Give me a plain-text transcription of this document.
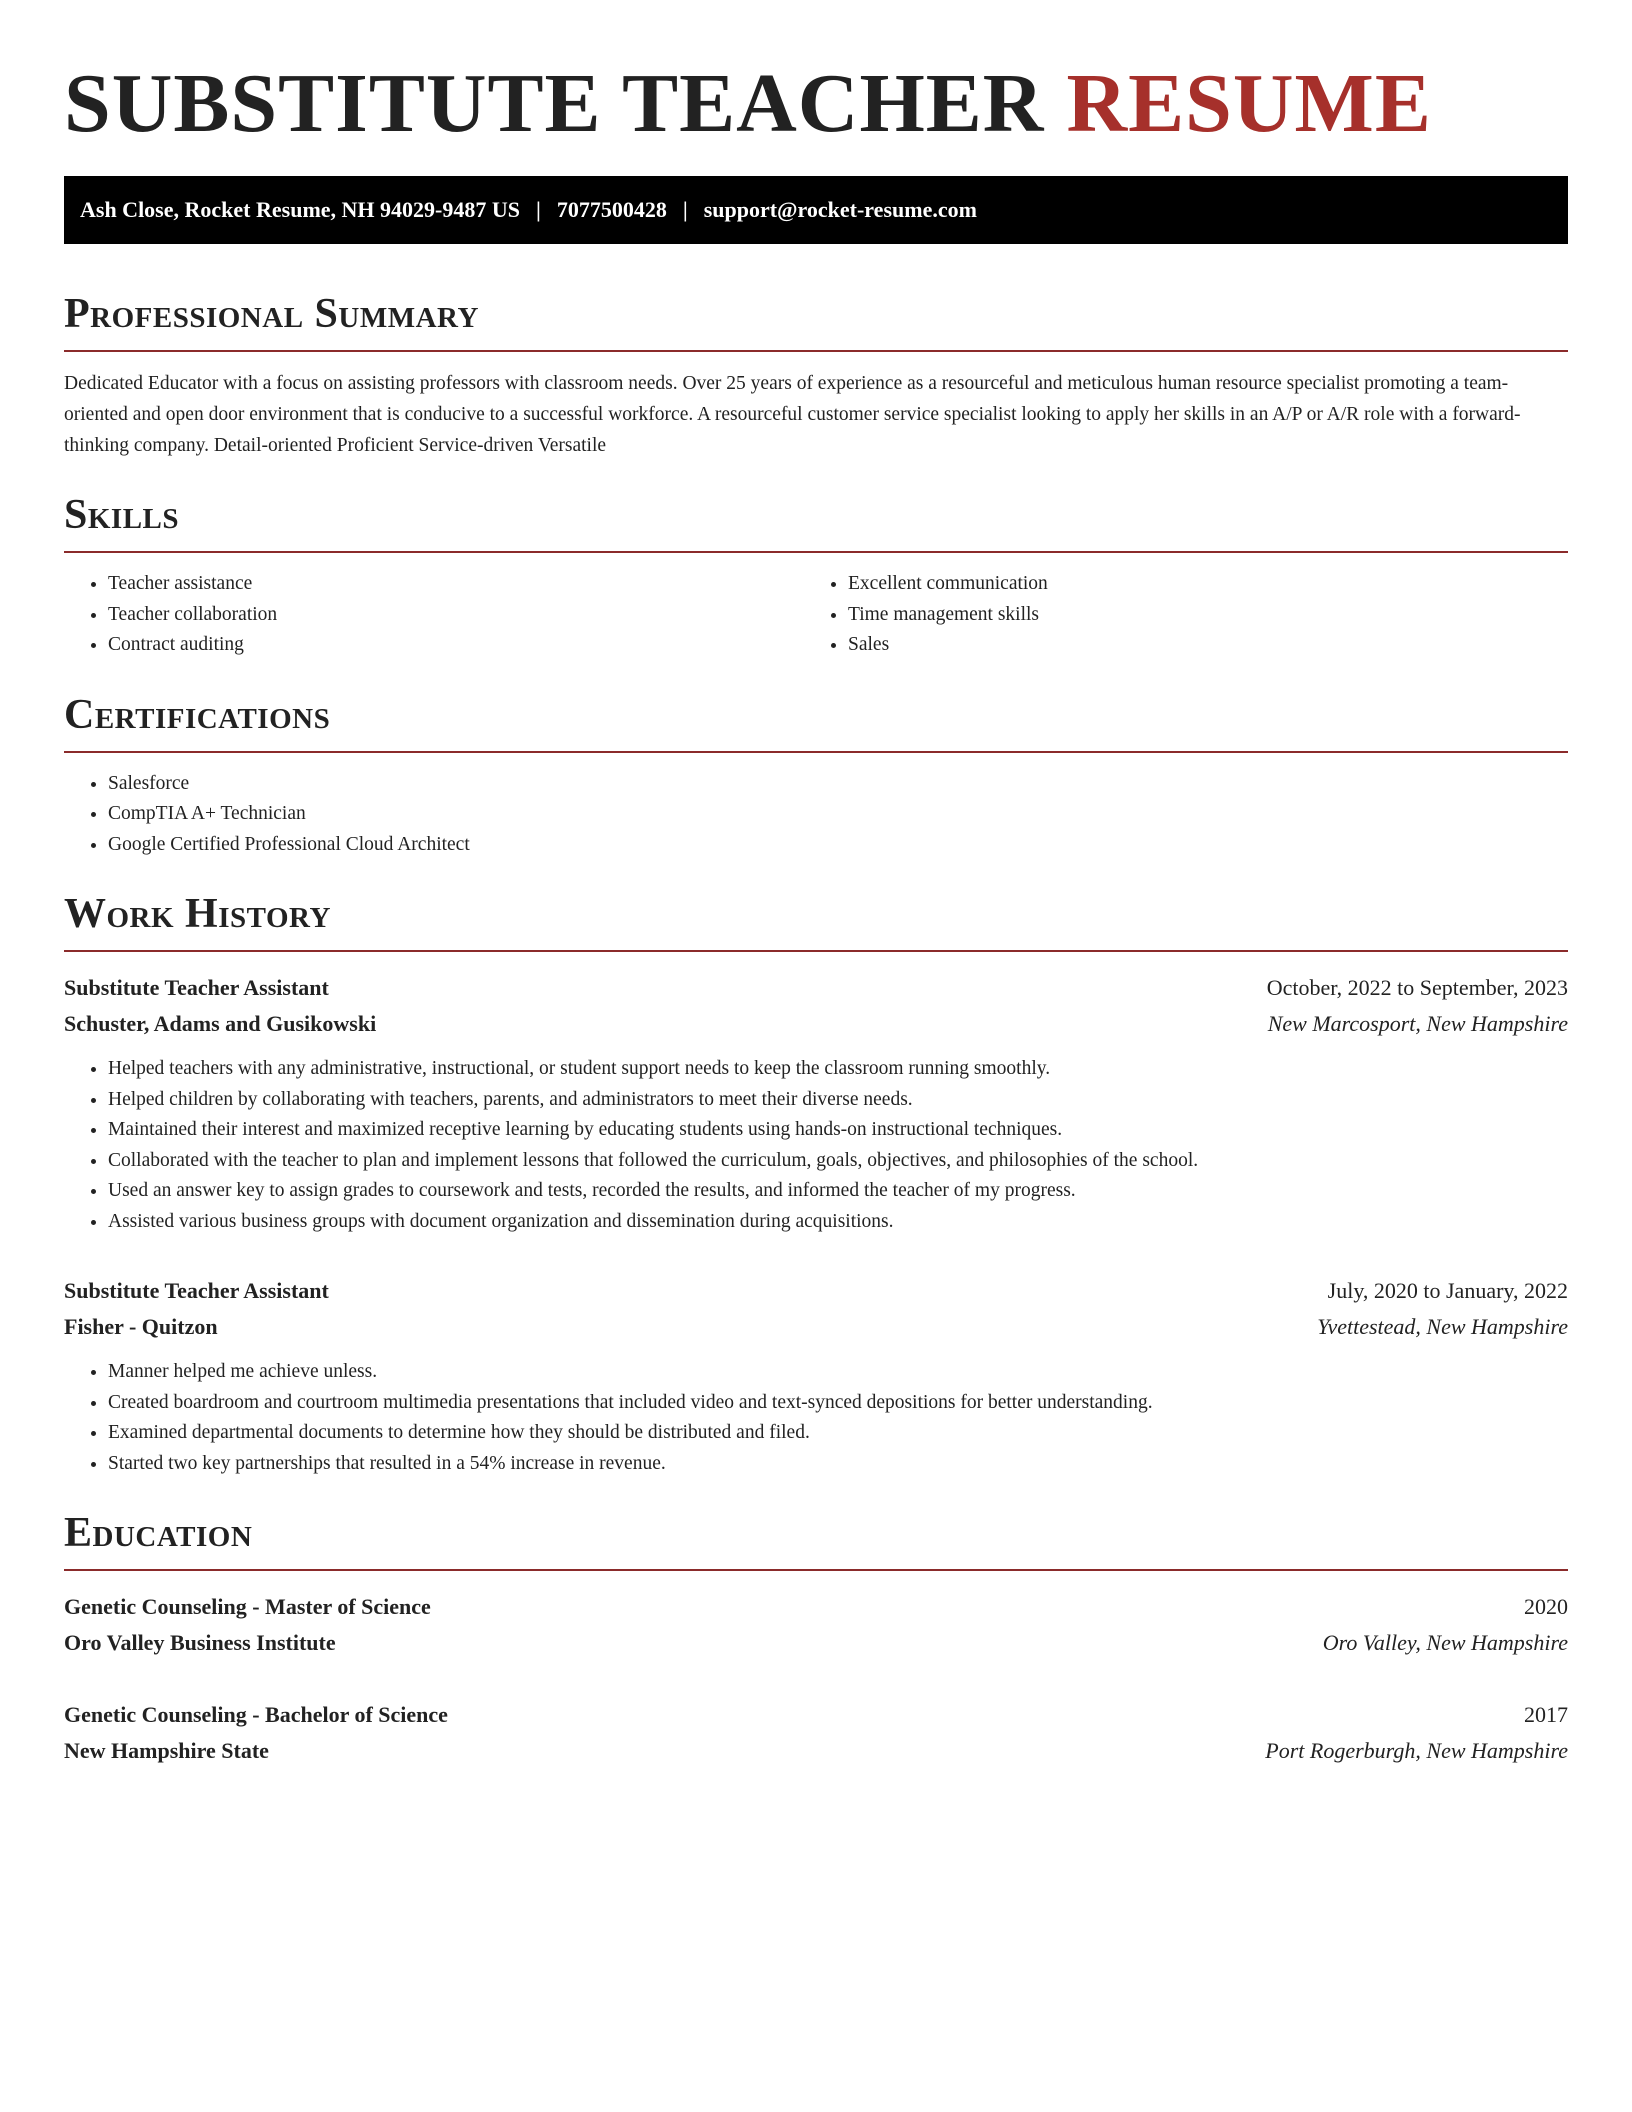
SUBSTITUTE TEACHER RESUME
Ash Close, Rocket Resume, NH 94029-9487 US | 7077500428 | support@rocket-resume.com
Professional Summary

Dedicated Educator with a focus on assisting professors with classroom needs. Over 25 years of experience as a resourceful and meticulous human resource specialist promoting a team-oriented and open door environment that is conducive to a successful workforce. A resourceful customer service specialist looking to apply her skills in an A/P or A/R role with a forward-thinking company. Detail-oriented Proficient Service-driven Versatile

Skills
• Teacher assistance
• Teacher collaboration
• Contract auditing
• Excellent communication
• Time management skills
• Sales
Certifications
• Salesforce
• CompTIA A+ Technician
• Google Certified Professional Cloud Architect
Work History
Substitute Teacher Assistant	October, 2022 to September, 2023
Schuster, Adams and Gusikowski	New Marcosport, New Hampshire
• Helped teachers with any administrative, instructional, or student support needs to keep the classroom running smoothly.
• Helped children by collaborating with teachers, parents, and administrators to meet their diverse needs.
• Maintained their interest and maximized receptive learning by educating students using hands-on instructional techniques.
• Collaborated with the teacher to plan and implement lessons that followed the curriculum, goals, objectives, and philosophies of the school.
• Used an answer key to assign grades to coursework and tests, recorded the results, and informed the teacher of my progress.
• Assisted various business groups with document organization and dissemination during acquisitions.
Substitute Teacher Assistant	July, 2020 to January, 2022
Fisher - Quitzon	Yvettestead, New Hampshire
• Manner helped me achieve unless.
• Created boardroom and courtroom multimedia presentations that included video and text-synced depositions for better understanding.
• Examined departmental documents to determine how they should be distributed and filed.
• Started two key partnerships that resulted in a 54% increase in revenue.
Education
Genetic Counseling - Master of Science	2020
Oro Valley Business Institute	Oro Valley, New Hampshire
Genetic Counseling - Bachelor of Science	2017
New Hampshire State	Port Rogerburgh, New Hampshire
